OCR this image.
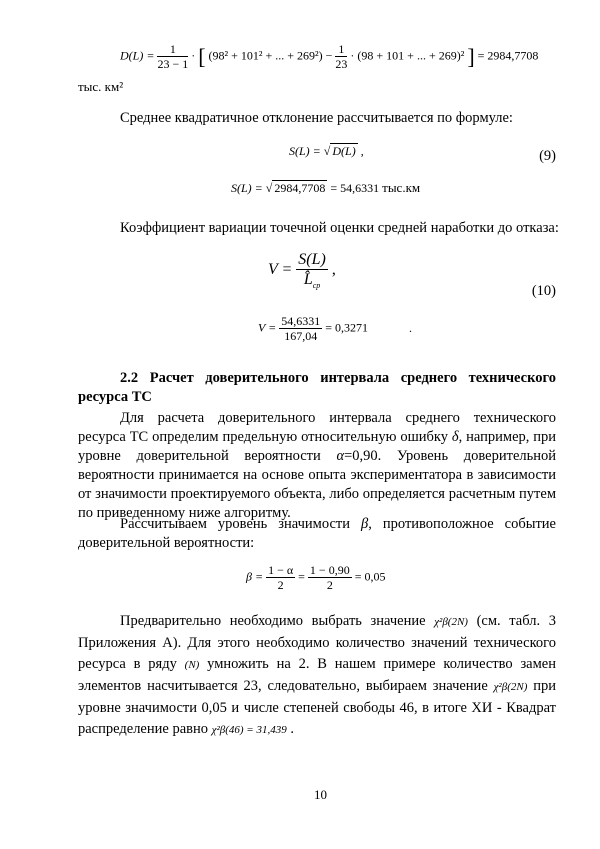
$D(L) = \frac{1}{23 - 1}$ · [ (98² + 101² + ... + $269^2) - \frac{1}{23} \cdot (98 + 101$ + ... + 269)² ] = 2984,7708
тыс. км²
Среднее квадратичное отклонение рассчитывается по формуле:
S(L) = √ D(L) ,	(9)
S(L) = √ 2984,7708 = 54,6331 тыс.км
Коэффициент вариации точечной оценки средней наработки до отказа:
$V = \frac{S(L)}{L̂_{ср}}$ ,
(10)
$V = \frac{54,6331}{167,04} = 0,3271$	.
2.2 Расчет доверительного интервала среднего технического ресурса ТС
Для расчета доверительного интервала среднего технического ресурса ТС определим предельную относительную ошибку δ, например, при уровне доверительной вероятности α=0,90. Уровень доверительной вероятности принимается на основе опыта экспериментатора в зависимости от значимости проектируемого объекта, либо определяется расчетным путем по приведенному ниже алгоритму.
Рассчитываем уровень значимости β, противоположное событие доверительной вероятности:
$\beta = \frac{1 - \alpha}{2} = \frac{1 - 0,90}{2} = 0,05$
Предварительно необходимо выбрать значение χ²β(2N) (см. табл. 3 Приложения А). Для этого необходимо количество значений технического ресурса в ряду (N) умножить на 2. В нашем примере количество замен элементов насчитывается 23, следовательно, выбираем значение χ²β(2N) при уровне значимости 0,05 и числе степеней свободы 46, в итоге ХИ - Квадрат распределение равно χ²β(46) = 31,439 .
10
